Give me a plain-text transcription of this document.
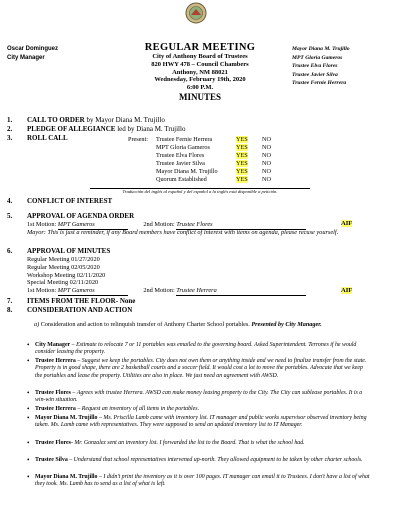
Oscar Dominguez
City Manager
REGULAR MEETING
City of Anthony Board of Trustees
820 HWY 478 – Council Chambers
Anthony, NM 88021
Wednesday, February 19th, 2020
6:00 P.M.
MINUTES
Mayor Diana M. Trujillo
MPT Gloria Gameros
Trustee Elva Flores
Trustee Javier Silva
Trustee Fernie Herrera
1. CALL TO ORDER by Mayor Diana M. Trujillo
2. PLEDGE OF ALLEGIANCE led by Diana M. Trujillo
3. ROLL CALL	Present:	Trustee Fernie Herrera	YES	NO
MPT Gloria Gameros	YES	NO
Trustee Elva Flores	YES	NO
Trustee Javier Silva	YES	NO
Mayor Diana M. Trujillo	YES	NO
Quorum Established	YES	NO
Traducción del inglés al español y del español a la inglés está disponible a petición.
4. CONFLICT OF INTEREST
5. APPROVAL OF AGENDA ORDER
1st Motion: MPT Gameros	2nd Motion: Trustee Flores	AIF
Mayor: This is just a reminder, if any Board members have conflict of interest with items on agenda, please recuse yourself.
6. APPROVAL OF MINUTES
Regular Meeting 01/27/2020
Regular Meeting 02/05/2020
Workshop Meeting 02/11/2020
Special Meeting 02/11/2020
1st Motion: MPT Gameros	2nd Motion: Trustee Herrera	AIF
7. ITEMS FROM THE FLOOR- None
8. CONSIDERATION AND ACTION
a) Consideration and action to relinquish transfer of Anthony Charter School portables. Presented by City Manager.
• City Manager – Estimate to relocate 7 or 11 portables was emailed to the governing board. Asked Superintendent. Terrones if he would consider leasing the property.
• Trustee Herrera – Suggest we keep the portables. City does not own them or anything inside and we need to finalize transfer from the state. Property is in good shape, there are 2 basketball courts and a soccer field. It would cost a lot to move the portables. Advocate that we keep the portables and lease the property. Utilities are also in place. We just need an agreement with AWSD.
• Trustee Flores – Agrees with trustee Herrera. AWSD can make money leasing property to the City. The City can sublease portables. It is a win-win situation.
• Trustee Herrera – Request an inventory of all items in the portables.
• Mayor Diana M. Trujillo – Ms. Priscilla Lamb came with inventory list. IT manager and public works supervisor observed inventory being taken. Ms. Lamb came with representatives. They were supposed to send an updated inventory list to IT Manager.
• Trustee Flores- Mr. Gonzalez sent an inventory list. I forwarded the list to the Board. That is what the school had.
• Trustee Silva – Understand that school representatives intervened up-north. They allowed equipment to be taken by other charter schools.
• Mayor Diana M. Trujillo – I didn't print the inventory as it is over 100 pages. IT manager can email it to Trustees. I don't have a list of what they took. Ms. Lamb has to send us a list of what is left.
